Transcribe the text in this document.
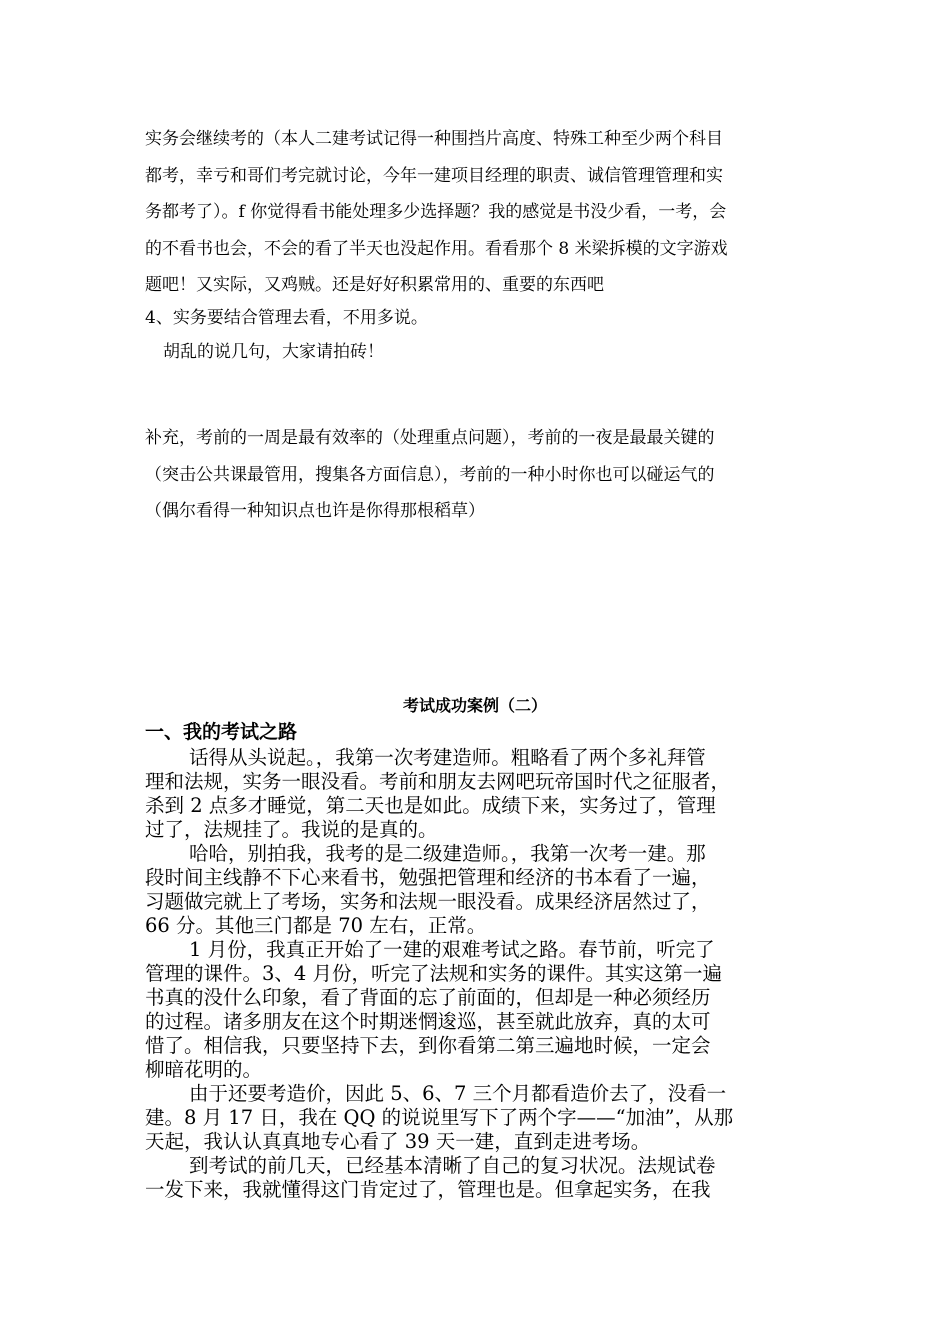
实务会继续考的（本人二建考试记得一种围挡片高度、特殊工种至少两个科目

都考，幸亏和哥们考完就讨论，今年一建项目经理的职责、诚信管理管理和实

务都考了）。f 你觉得看书能处理多少选择题？我的感觉是书没少看，一考，会

的不看书也会，不会的看了半天也没起作用。看看那个 8 米梁拆模的文字游戏

题吧！又实际，又鸡贼。还是好好积累常用的、重要的东西吧

4、实务要结合管理去看，不用多说。

胡乱的说几句，大家请拍砖！

补充，考前的一周是最有效率的（处理重点问题），考前的一夜是最最关键的

（突击公共课最管用，搜集各方面信息），考前的一种小时你也可以碰运气的

（偶尔看得一种知识点也许是你得那根稻草）

考试成功案例（二）
一、我的考试之路

话得从头说起。，我第一次考建造师。粗略看了两个多礼拜管

理和法规，实务一眼没看。考前和朋友去网吧玩帝国时代之征服者，

杀到 2 点多才睡觉，第二天也是如此。成绩下来，实务过了，管理

过了，法规挂了。我说的是真的。

哈哈，别拍我，我考的是二级建造师。，我第一次考一建。那

段时间主线静不下心来看书，勉强把管理和经济的书本看了一遍，

习题做完就上了考场，实务和法规一眼没看。成果经济居然过了，

66 分。其他三门都是 70 左右，正常。

1 月份，我真正开始了一建的艰难考试之路。春节前，听完了

管理的课件。3、4 月份，听完了法规和实务的课件。其实这第一遍

书真的没什么印象，看了背面的忘了前面的，但却是一种必须经历

的过程。诸多朋友在这个时期迷惘逡巡，甚至就此放弃，真的太可

惜了。相信我，只要坚持下去，到你看第二第三遍地时候，一定会

柳暗花明的。

由于还要考造价，因此 5、6、7 三个月都看造价去了，没看一

建。8 月 17 日，我在 QQ 的说说里写下了两个字——“加油”，从那

天起，我认认真真地专心看了 39 天一建，直到走进考场。

到考试的前几天，已经基本清晰了自己的复习状况。法规试卷

一发下来，我就懂得这门肯定过了，管理也是。但拿起实务，在我
